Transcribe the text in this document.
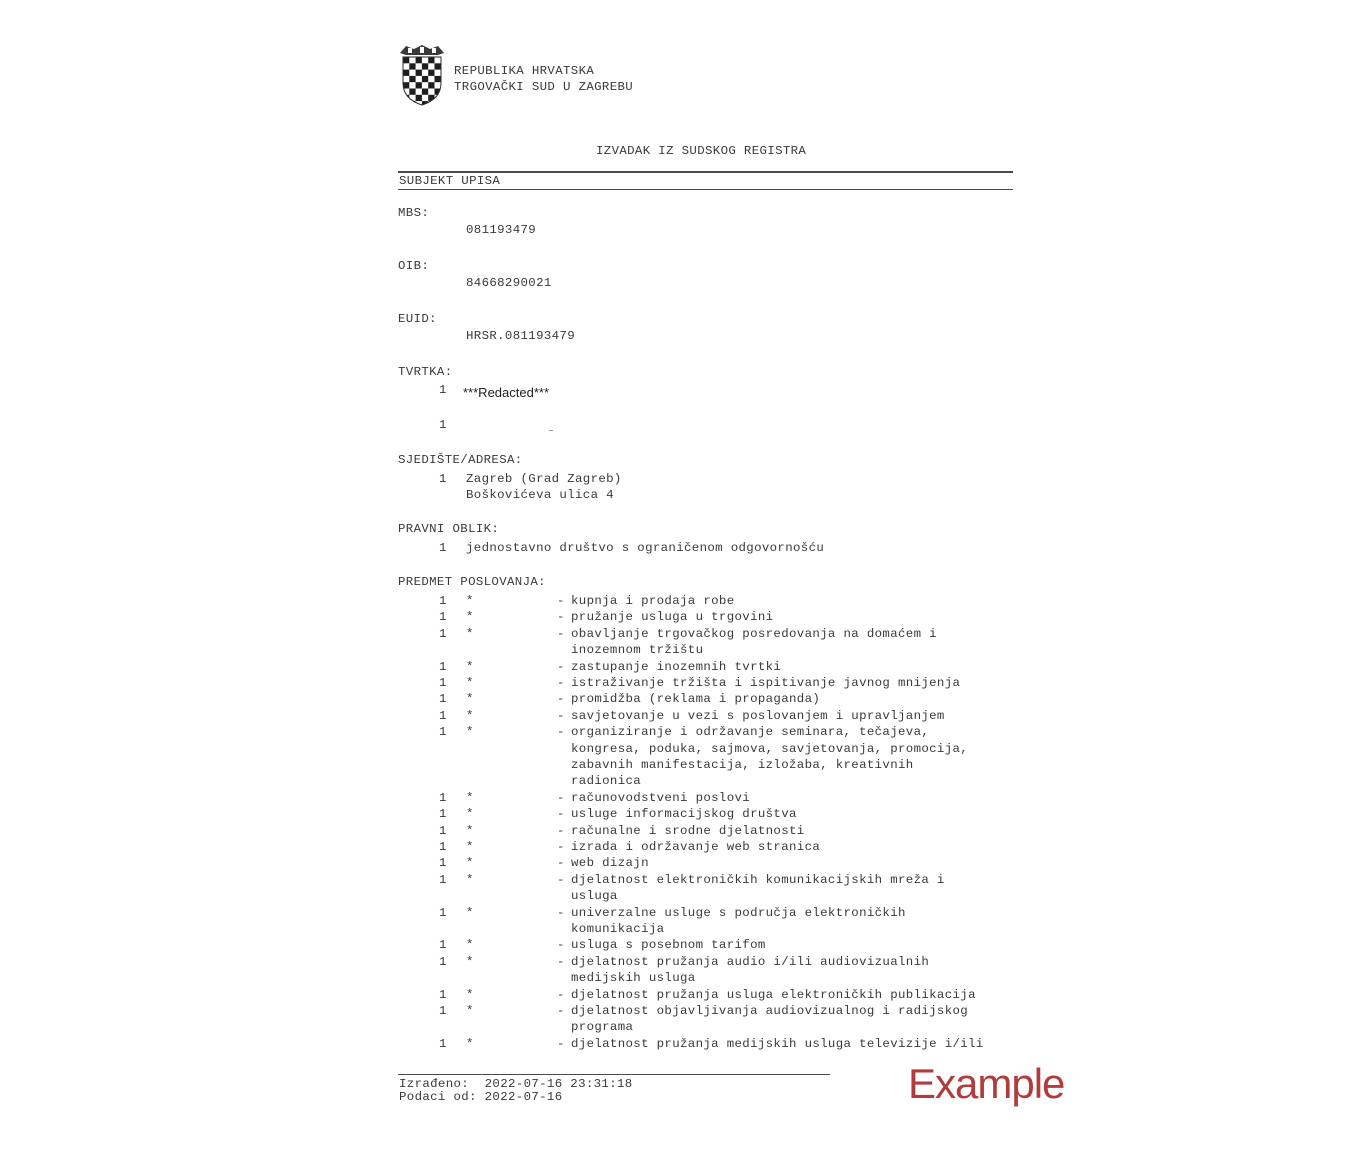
REPUBLIKA HRVATSKA
TRGOVAČKI SUD U ZAGREBU
IZVADAK IZ SUDSKOG REGISTRA
SUBJEKT UPISA
MBS:
081193479
OIB:
84668290021
EUID:
HRSR.081193479
TVRTKA:
1 ***Redacted***
1
SJEDIŠTE/ADRESA:
1 Zagreb (Grad Zagreb)
Boškovićeva ulica 4
PRAVNI OBLIK:
1 jednostavno društvo s ograničenom odgovornošću
PREDMET POSLOVANJA:
1 *	- kupnja i prodaja robe
1 *	- pružanje usluga u trgovini
1 *	- obavljanje trgovačkog posredovanja na domaćem i
inozemnom tržištu
1 *	- zastupanje inozemnih tvrtki
1 *	- istraživanje tržišta i ispitivanje javnog mnijenja
1 *	- promidžba (reklama i propaganda)
1 *	- savjetovanje u vezi s poslovanjem i upravljanjem
1 *	- organiziranje i održavanje seminara, tečajeva,
kongresa, poduka, sajmova, savjetovanja, promocija,
zabavnih manifestacija, izložaba, kreativnih
radionica
1 *	- računovodstveni poslovi
1 *	- usluge informacijskog društva
1 *	- računalne i srodne djelatnosti
1 *	- izrada i održavanje web stranica
1 *	- web dizajn
1 *	- djelatnost elektroničkih komunikacijskih mreža i
usluga
1 *	- univerzalne usluge s područja elektroničkih
komunikacija
1 *	- usluga s posebnom tarifom
1 *	- djelatnost pružanja audio i/ili audiovizualnih
medijskih usluga
1 *	- djelatnost pružanja usluga elektroničkih publikacija
1 *	- djelatnost objavljivanja audiovizualnog i radijskog
programa
1 *	- djelatnost pružanja medijskih usluga televizije i/ili
Izrađeno:  2022-07-16 23:31:18
Podaci od: 2022-07-16	Example
